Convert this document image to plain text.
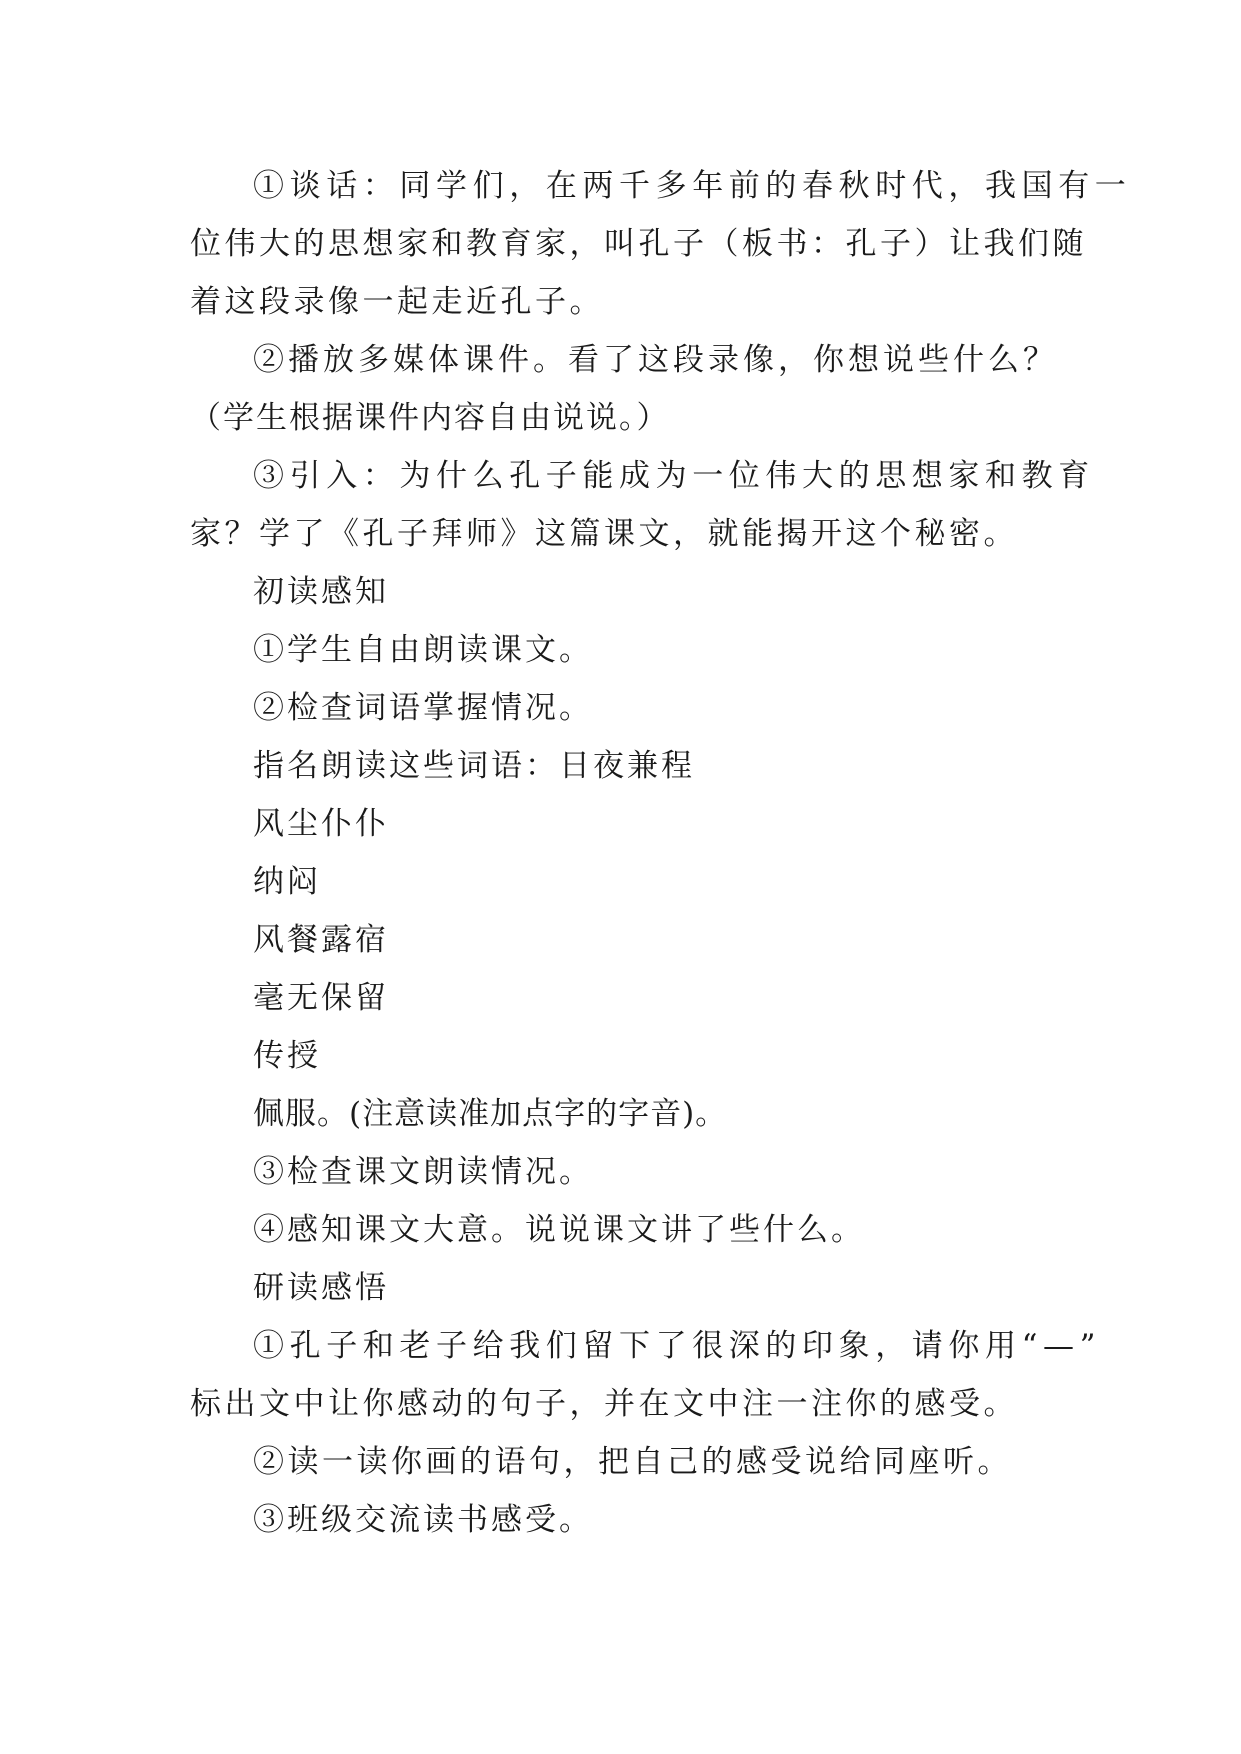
①谈话：同学们，在两千多年前的春秋时代，我国有一
位伟大的思想家和教育家，叫孔子（板书：孔子）让我们随
着这段录像一起走近孔子。
②播放多媒体课件。看了这段录像，你想说些什么？
（学生根据课件内容自由说说。）
③引入：为什么孔子能成为一位伟大的思想家和教育
家？学了《孔子拜师》这篇课文，就能揭开这个秘密。
初读感知
①学生自由朗读课文。
②检查词语掌握情况。
指名朗读这些词语：日夜兼程
风尘仆仆
纳闷
风餐露宿
毫无保留
传授
佩服。(注意读准加点字的字音)。
③检查课文朗读情况。
④感知课文大意。说说课文讲了些什么。
研读感悟
①孔子和老子给我们留下了很深的印象，请你用“—”
标出文中让你感动的句子，并在文中注一注你的感受。
②读一读你画的语句，把自己的感受说给同座听。
③班级交流读书感受。
